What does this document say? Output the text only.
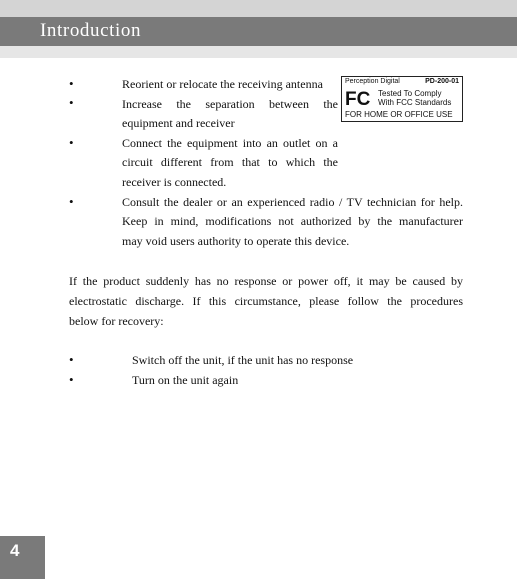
Introduction
•	Reorient or relocate the receiving antenna
•	Increase the separation between the
equipment and receiver
•	Connect the equipment into an outlet on a
circuit different from that to which the
receiver is connected.
•	Consult the dealer or an experienced radio / TV technician for help.
Keep in mind, modifications not authorized by the manufacturer
may void users authority to operate this device.
Perception Digital	PD-200-01
FC Tested To Comply
With FCC Standards
FOR HOME OR OFFICE USE
If the product suddenly has no response or power off, it may be caused by
electrostatic discharge. If this circumstance, please follow the procedures
below for recovery:
•	Switch off the unit, if the unit has no response
•	Turn on the unit again
4
